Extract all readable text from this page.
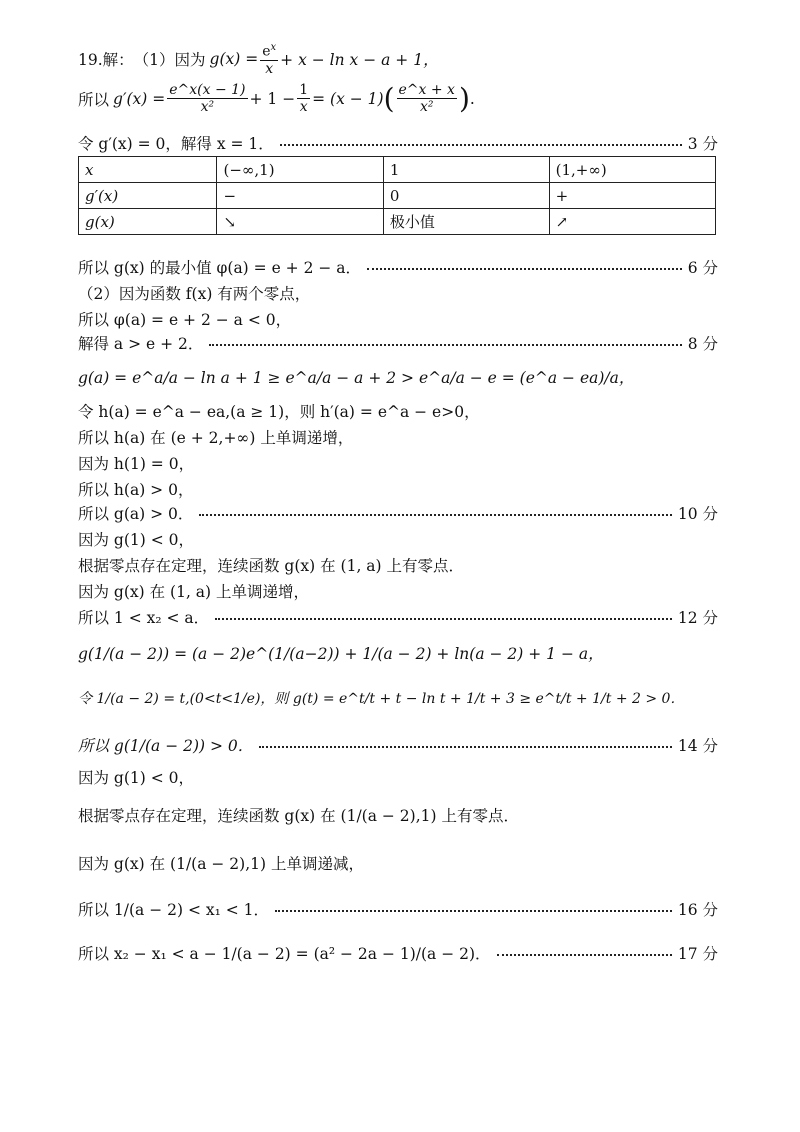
19.解： （1） 因为 $g(x) = \frac{e^x}{x} + x - \ln x - a + 1$，
所以 $g'(x) = \frac{e\^{}x(x - 1)}{\text{x²}} + 1 - \frac{1}{x} = (x - 1)$ ( $\frac{e\^{}x + x}{\text{x²}}$ ) .
令 g′(x) = 0，解得 x = 1．	3 分
x	(−∞,1)	1	(1,+∞)
g′(x)	−	0	+
g(x)	↘	极小值	↗
所以 g(x) 的最小值 φ(a) = e + 2 − a．	6 分
（2）因为函数 f(x) 有两个零点，
所以 φ(a) = e + 2 − a < 0，
解得 a > e + 2．	8 分
g(a) = e^a/a − ln a + 1 ≥ e^a/a − a + 2 > e^a/a − e = (e^a − ea)/a，
令 h(a) = e^a − ea,(a ≥ 1)，则 h′(a) = e^a − e>0，
所以 h(a) 在 (e + 2,+∞) 上单调递增，
因为 h(1) = 0，
所以 h(a) > 0，
所以 g(a) > 0．	10 分
因为 g(1) < 0，
根据零点存在定理，连续函数 g(x) 在 (1, a) 上有零点．
因为 g(x) 在 (1, a) 上单调递增，
所以 1 < x₂ < a．	12 分
g(1/(a − 2)) = (a − 2)e^(1/(a−2)) + 1/(a − 2) + ln(a − 2) + 1 − a，
令 1/(a − 2) = t,(0<t<1/e)，则 g(t) = e^t/t + t − ln t + 1/t + 3 ≥ e^t/t + 1/t + 2 > 0．
所以 g(1/(a − 2)) > 0．	14 分
因为 g(1) < 0，
根据零点存在定理，连续函数 g(x) 在 (1/(a − 2),1) 上有零点．
因为 g(x) 在 (1/(a − 2),1) 上单调递减，
所以 1/(a − 2) < x₁ < 1．	16 分
所以 x₂ − x₁ < a − 1/(a − 2) = (a² − 2a − 1)/(a − 2)．	17 分
